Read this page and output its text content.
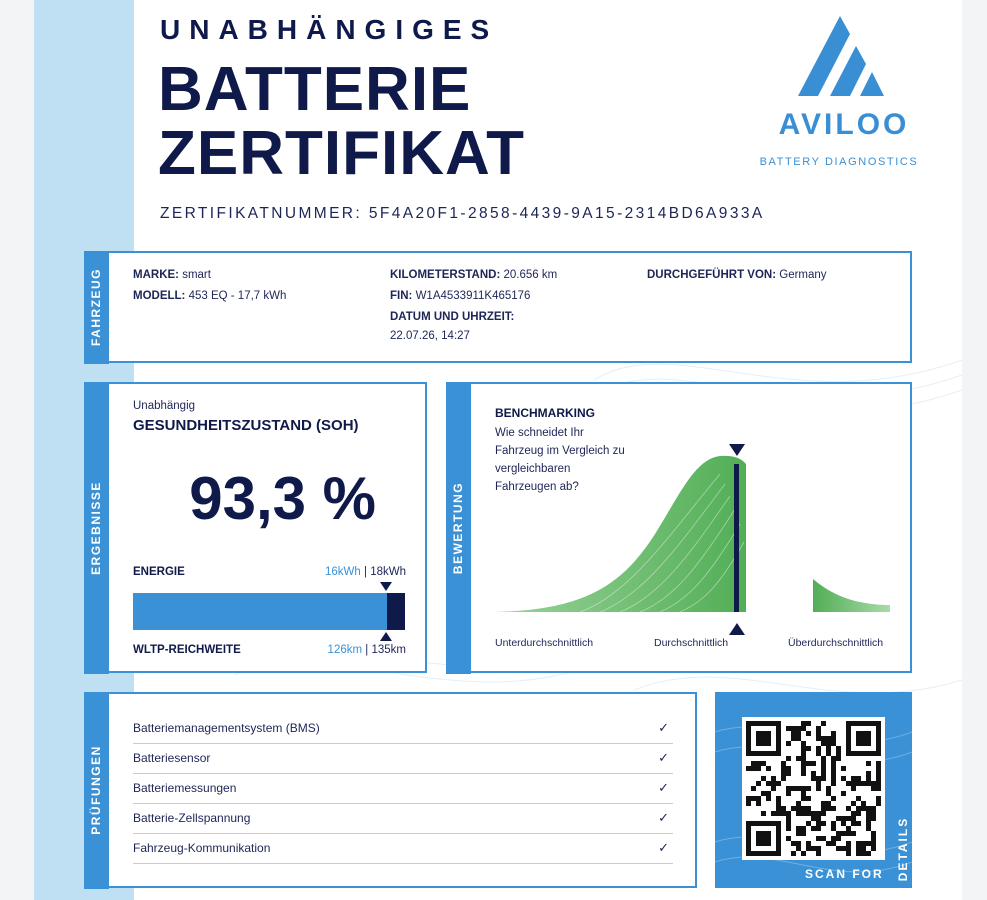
UNABHÄNGIGES
BATTERIE
ZERTIFIKAT
ZERTIFIKATNUMMER: 5F4A20F1-2858-4439-9A15-2314BD6A933A
AVILOO
BATTERY DIAGNOSTICS
FAHRZEUG	MARKE: smart
MODELL: 453 EQ - 17,7 kWh
KILOMETERSTAND: 20.656 km
FIN: W1A4533911K465176
DATUM UND UHRZEIT:
22.07.26, 14:27
DURCHGEFÜHRT VON: Germany
ERGEBNISSE
Unabhängig
GESUNDHEITSZUSTAND (SOH)
93,3 %
ENERGIE	16kWh | 18kWh
WLTP-REICHWEITE	126km | 135km
BEWERTUNG
BENCHMARKING
Wie schneidet Ihr
Fahrzeug im Vergleich zu
vergleichbaren
Fahrzeugen ab?
Unterdurchschnittlich	Durchschnittlich	Überdurchschnittlich
PRÜFUNGEN
Batteriemanagementsystem (BMS)	✓
Batteriesensor	✓
Batteriemessungen	✓
Batterie-Zellspannung	✓
Fahrzeug-Kommunikation	✓
SCAN FOR DETAILS
